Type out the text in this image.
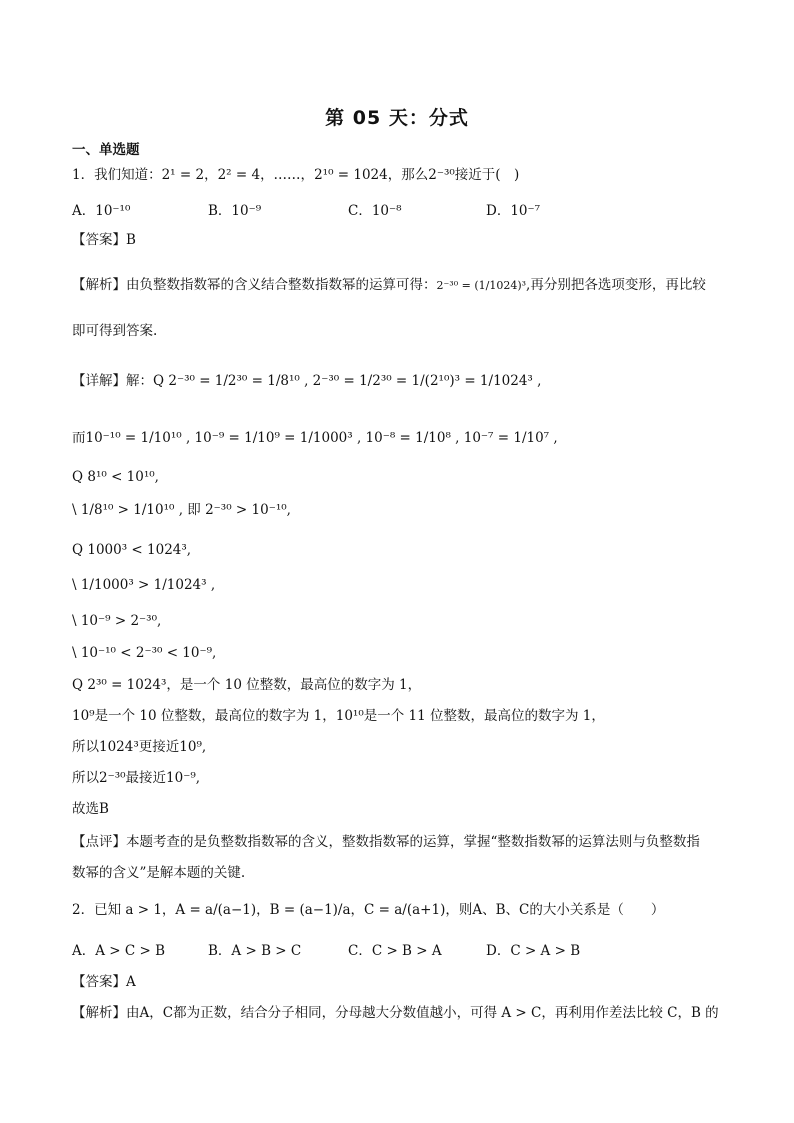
第 05 天：分式
一、单选题
1．我们知道：2¹ = 2，2² = 4，……，2¹⁰ = 1024，那么2⁻³⁰接近于(　)
A．10⁻¹⁰	B．10⁻⁹	C．10⁻⁸	D．10⁻⁷
【答案】B
【解析】由负整数指数幂的含义结合整数指数幂的运算可得：2⁻³⁰ = (1/1024)³,再分别把各选项变形，再比较
即可得到答案.
【详解】解：Q 2⁻³⁰ = 1/2³⁰ = 1/8¹⁰ , 2⁻³⁰ = 1/2³⁰ = 1/(2¹⁰)³ = 1/1024³ ,
而10⁻¹⁰ = 1/10¹⁰ , 10⁻⁹ = 1/10⁹ = 1/1000³ , 10⁻⁸ = 1/10⁸ , 10⁻⁷ = 1/10⁷ ,
Q 8¹⁰ < 10¹⁰,
\ 1/8¹⁰ > 1/10¹⁰ , 即 2⁻³⁰ > 10⁻¹⁰,
Q 1000³ < 1024³,
\ 1/1000³ > 1/1024³ ,
\ 10⁻⁹ > 2⁻³⁰,
\ 10⁻¹⁰ < 2⁻³⁰ < 10⁻⁹,
Q 2³⁰ = 1024³，是一个 10 位整数，最高位的数字为 1，
10⁹是一个 10 位整数，最高位的数字为 1，10¹⁰是一个 11 位整数，最高位的数字为 1，
所以1024³更接近10⁹,
所以2⁻³⁰最接近10⁻⁹,
故选B
【点评】本题考查的是负整数指数幂的含义，整数指数幂的运算，掌握“整数指数幂的运算法则与负整数指
数幂的含义”是解本题的关键.
2．已知 a > 1，A = a/(a−1)，B = (a−1)/a，C = a/(a+1)，则A、B、C的大小关系是（　　）
A．A > C > B	B．A > B > C	C．C > B > A	D．C > A > B
【答案】A
【解析】由A，C都为正数，结合分子相同，分母越大分数值越小，可得 A > C，再利用作差法比较 C，B 的
